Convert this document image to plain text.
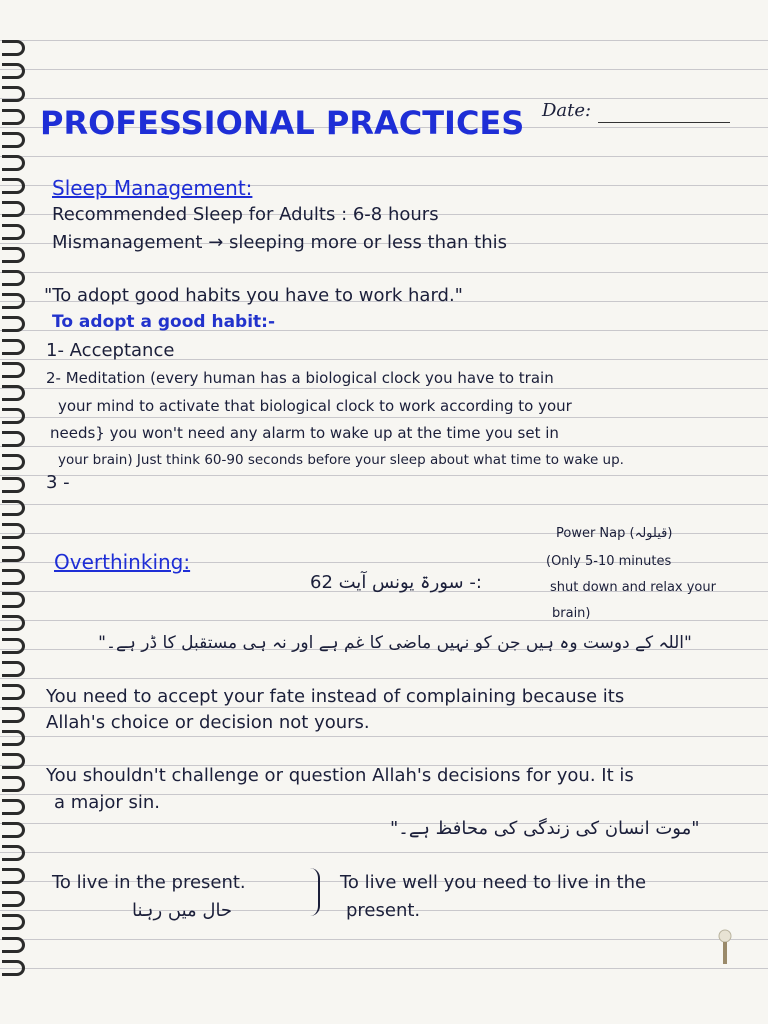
PROFESSIONAL PRACTICES Date:
Sleep Management:
Recommended Sleep for Adults : 6-8 hours
Mismanagement → sleeping more or less than this
"To adopt good habits you have to work hard."
To adopt a good habit:-
1- Acceptance
2- Meditation (every human has a biological clock you have to train
your mind to activate that biological clock to work according to your
needs} you won't need any alarm to wake up at the time you set in
your brain) Just think 60-90 seconds before your sleep about what time to wake up.
3 -
Overthinking:
:- سورۃ یونس آیت 62
Power Nap (قیلولہ)
(Only 5-10 minutes
shut down and relax your
brain)
"اللہ کے دوست وہ ہیں جن کو نہیں ماضی کا غم ہے اور نہ ہی مستقبل کا ڈر ہے۔"
You need to accept your fate instead of complaining because its
Allah's choice or decision not yours.
You shouldn't challenge or question Allah's decisions for you. It is
a major sin.
"موت انسان کی زندگی کی محافظ ہے۔"
To live in the present.
حال میں رہنا
To live well you need to live in the
present.
